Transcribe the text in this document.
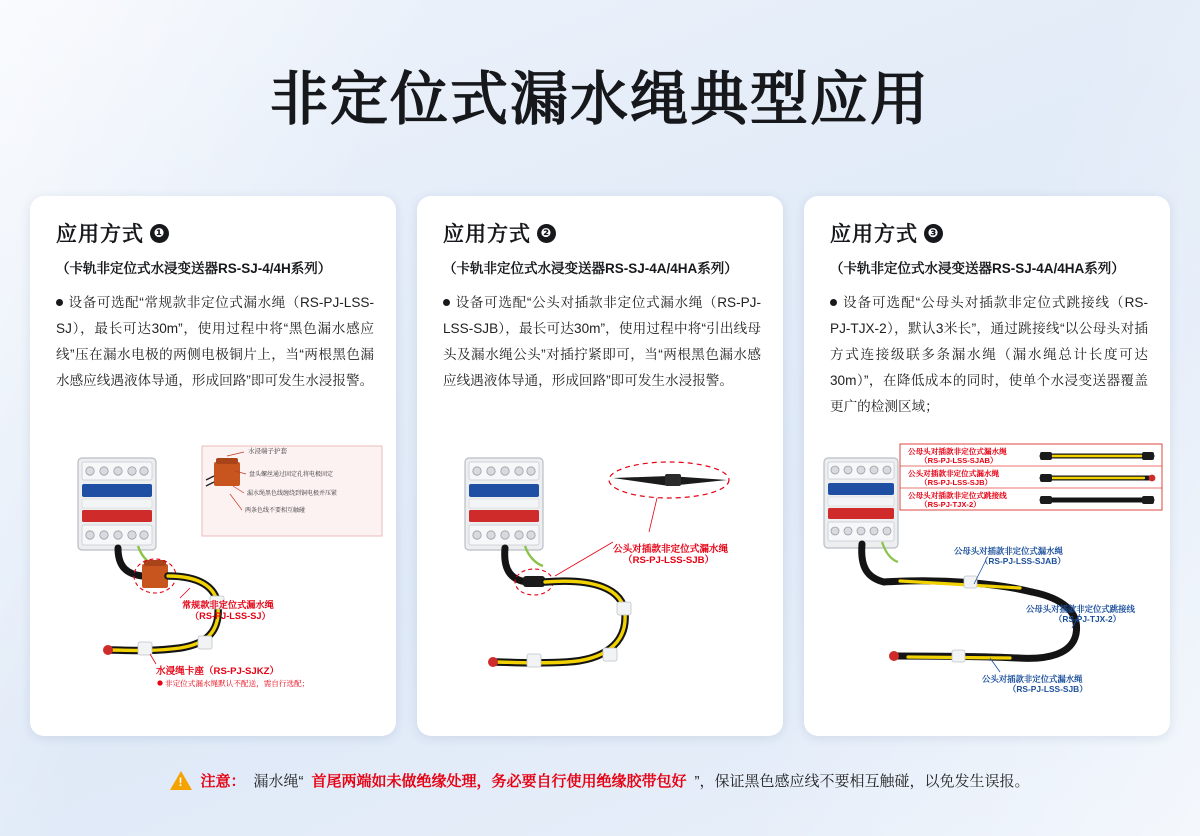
非定位式漏水绳典型应用
应用方式 ❶
（卡轨非定位式水浸变送器RS-SJ-4/4H系列）
设备可选配“常规款非定位式漏水绳（RS-PJ-LSS-SJ），最长可达30m”，使用过程中将“黑色漏水感应线”压在漏水电极的两侧电极铜片上，当“两根黑色漏水感应线遇液体导通，形成回路”即可发生水浸报警。
水浸端子护套
盘头螺丝通过固定孔将电极固定
漏水绳黑色线缠绕到铜电极并压紧
两条色线不要相互触碰
常规款非定位式漏水绳
（RS-PJ-LSS-SJ）
水浸绳卡座（RS-PJ-SJKZ）
非定位式漏水绳默认不配送，需自行选配；
应用方式 ❷
（卡轨非定位式水浸变送器RS-SJ-4A/4HA系列）
设备可选配“公头对插款非定位式漏水绳（RS-PJ-LSS-SJB），最长可达30m”，使用过程中将“引出线母头及漏水绳公头”对插拧紧即可，当“两根黑色漏水感应线遇液体导通，形成回路”即可发生水浸报警。
公头对插款非定位式漏水绳
（RS-PJ-LSS-SJB）
应用方式 ❸
（卡轨非定位式水浸变送器RS-SJ-4A/4HA系列）
设备可选配“公母头对插款非定位式跳接线（RS-PJ-TJX-2），默认3米长”，通过跳接线“以公母头对插方式连接级联多条漏水绳（漏水绳总计长度可达30m）”，在降低成本的同时，使单个水浸变送器覆盖更广的检测区域；
公母头对插款非定位式漏水绳
（RS-PJ-LSS-SJAB）
公头对插款非定位式漏水绳
（RS-PJ-LSS-SJB）
公母头对插款非定位式跳接线
（RS-PJ-TJX-2）
公母头对插款非定位式漏水绳
（RS-PJ-LSS-SJAB）
公母头对插款非定位式跳接线
（RS-PJ-TJX-2）
公头对插款非定位式漏水绳
（RS-PJ-LSS-SJB）
!
注意： 漏水绳“ 首尾两端如未做绝缘处理，务必要自行使用绝缘胶带包好 ”，保证黑色感应线不要相互触碰，以免发生误报。
